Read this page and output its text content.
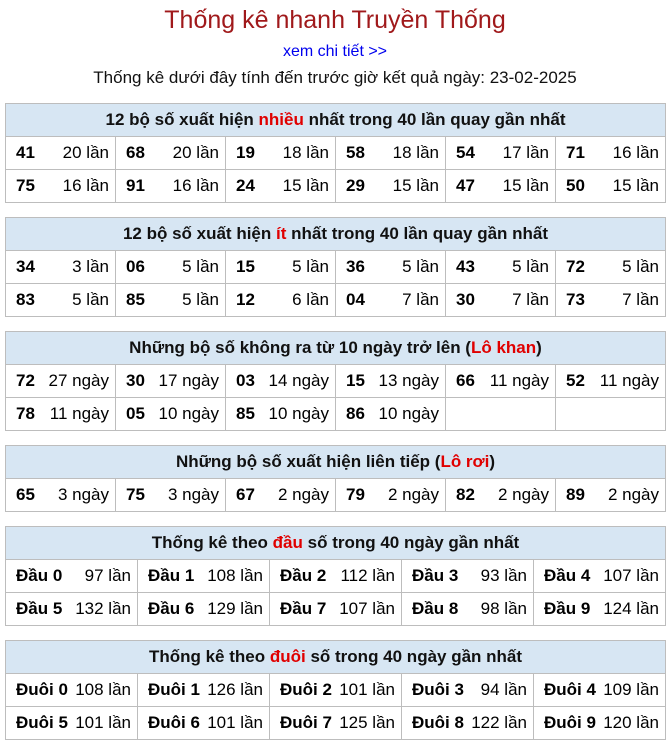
Thống kê nhanh Truyền Thống
xem chi tiết >>
Thống kê dưới đây tính đến trước giờ kết quả ngày: 23-02-2025
12 bộ số xuất hiện nhiều nhất trong 40 lần quay gần nhất					

41 20 lần	68 20 lần	19 18 lần	58 18 lần	54 17 lần	71 16 lần

75 16 lần	91 16 lần	24 15 lần	29 15 lần	47 15 lần	50 15 lần
12 bộ số xuất hiện ít nhất trong 40 lần quay gần nhất					

34 3 lần	06 5 lần	15 5 lần	36 5 lần	43 5 lần	72 5 lần

83 5 lần	85 5 lần	12 6 lần	04 7 lần	30 7 lần	73 7 lần
Những bộ số không ra từ 10 ngày trở lên (Lô khan)					

72 27 ngày	30 17 ngày	03 14 ngày	15 13 ngày	66 11 ngày	52 11 ngày

78 11 ngày	05 10 ngày	85 10 ngày	86 10 ngày		

Những bộ số xuất hiện liên tiếp (Lô rơi)

65 3 ngày	75 3 ngày	67 2 ngày	79 2 ngày	82 2 ngày	89 2 ngày
Thống kê theo đầu số trong 40 ngày gần nhất				

Đầu 0 97 lần	Đầu 1 108 lần	Đầu 2 112 lần	Đầu 3 93 lần	Đầu 4 107 lần

Đầu 5 132 lần	Đầu 6 129 lần	Đầu 7 107 lần	Đầu 8 98 lần	Đầu 9 124 lần
Thống kê theo đuôi số trong 40 ngày gần nhất				

Đuôi 0 108 lần	Đuôi 1 126 lần	Đuôi 2 101 lần	Đuôi 3 94 lần	Đuôi 4 109 lần

Đuôi 5 101 lần	Đuôi 6 101 lần	Đuôi 7 125 lần	Đuôi 8 122 lần	Đuôi 9 120 lần
